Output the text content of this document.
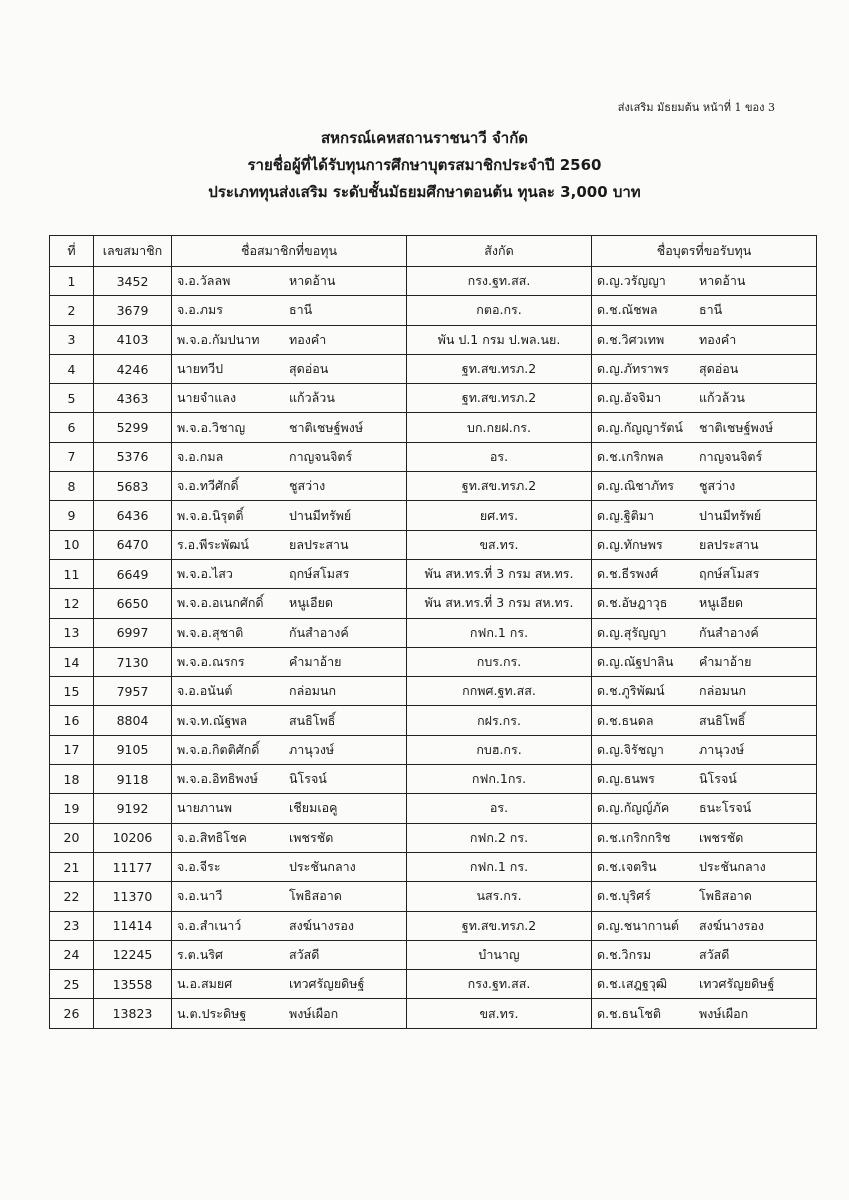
ส่งเสริม มัธยมต้น หน้าที่ 1 ของ 3
สหกรณ์เคหสถานราชนาวี จำกัด
รายชื่อผู้ที่ได้รับทุนการศึกษาบุตรสมาชิกประจำปี 2560
ประเภททุนส่งเสริม ระดับชั้นมัธยมศึกษาตอนต้น ทุนละ 3,000 บาท
ที่	เลขสมาชิก	ชื่อสมาชิกที่ขอทุน	สังกัด	ชื่อบุตรที่ขอรับทุน
1	3452	จ.อ.วัลลพ หาดอ้าน	กรง.ฐท.สส.	ด.ญ.วรัญญา หาดอ้าน
2	3679	จ.อ.ภมร ธานี	กตอ.กร.	ด.ช.ณัชพล ธานี
3	4103	พ.จ.อ.กัมปนาท ทองคำ	พัน ป.1 กรม ป.พล.นย.	ด.ช.วิศวเทพ ทองคำ
4	4246	นายทวีป สุดอ่อน	ฐท.สข.ทรภ.2	ด.ญ.ภัทราพร สุดอ่อน
5	4363	นายจำแลง แก้วล้วน	ฐท.สข.ทรภ.2	ด.ญ.อัจจิมา แก้วล้วน
6	5299	พ.จ.อ.วิชาญ ชาติเชษฐ์พงษ์	บก.กยฝ.กร.	ด.ญ.กัญญารัตน์ ชาติเชษฐ์พงษ์
7	5376	จ.อ.กมล กาญจนจิตร์	อร.	ด.ช.เกริกพล กาญจนจิตร์
8	5683	จ.อ.ทวีศักดิ์ ชูสว่าง	ฐท.สข.ทรภ.2	ด.ญ.ณิชาภัทร ชูสว่าง
9	6436	พ.จ.อ.นิรุตติ์ ปานมีทรัพย์	ยศ.ทร.	ด.ญ.ฐิติมา ปานมีทรัพย์
10	6470	ร.อ.พีระพัฒน์ ยลประสาน	ขส.ทร.	ด.ญ.ทักษพร ยลประสาน
11	6649	พ.จ.อ.ไสว ฤกษ์สโมสร	พัน สห.ทร.ที่ 3 กรม สห.ทร.	ด.ช.ธีรพงศ์ ฤกษ์สโมสร
12	6650	พ.จ.อ.อเนกศักดิ์ หนูเอียด	พัน สห.ทร.ที่ 3 กรม สห.ทร.	ด.ช.อัษฎาวุธ หนูเอียด
13	6997	พ.จ.อ.สุชาติ กันสำอางค์	กฟก.1 กร.	ด.ญ.สุรัญญา กันสำอางค์
14	7130	พ.จ.อ.ณรกร คำมาอ้าย	กบร.กร.	ด.ญ.ณัฐปาลิน คำมาอ้าย
15	7957	จ.อ.อนันต์ กล่อมนก	กกพศ.ฐท.สส.	ด.ช.ภูริพัฒน์ กล่อมนก
16	8804	พ.จ.ท.ณัฐพล สนธิโพธิ์	กฝร.กร.	ด.ช.ธนดล สนธิโพธิ์
17	9105	พ.จ.อ.กิตติศักดิ์ ภานุวงษ์	กบฮ.กร.	ด.ญ.จิรัชญา ภานุวงษ์
18	9118	พ.จ.อ.อิทธิพงษ์ นิโรจน์	กฟก.1กร.	ด.ญ.ธนพร นิโรจน์
19	9192	นายภานพ เชียมเอคู	อร.	ด.ญ.กัญญ์ภัค ธนะโรจน์
20	10206	จ.อ.สิทธิโชค เพชรชัด	กฟก.2 กร.	ด.ช.เกริกกริช เพชรชัด
21	11177	จ.อ.จีระ ประชันกลาง	กฟก.1 กร.	ด.ช.เจตริน ประชันกลาง
22	11370	จ.อ.นาวี โพธิสอาด	นสร.กร.	ด.ช.บุริศร์ โพธิสอาด
23	11414	จ.อ.สำเนาว์ สงฆ์นางรอง	ฐท.สข.ทรภ.2	ด.ญ.ชนากานต์ สงฆ์นางรอง
24	12245	ร.ต.นริศ สวัสดี	บำนาญ	ด.ช.วิกรม สวัสดี
25	13558	น.อ.สมยศ เทวศรัญยดิษฐ์	กรง.ฐท.สส.	ด.ช.เสฎฐวุฒิ เทวศรัญยดิษฐ์
26	13823	น.ต.ประดิษฐ พงษ์เผือก	ขส.ทร.	ด.ช.ธนโชติ พงษ์เผือก
